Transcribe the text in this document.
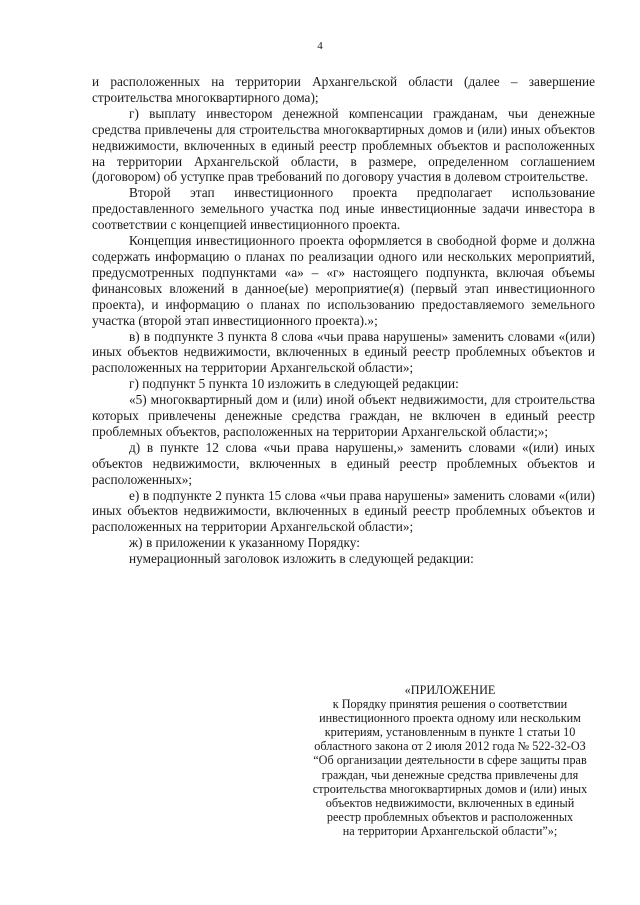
4

и расположенных на территории Архангельской области (далее – завершение строительства многоквартирного дома);

г) выплату инвестором денежной компенсации гражданам, чьи денежные средства привлечены для строительства многоквартирных домов и (или) иных объектов недвижимости, включенных в единый реестр проблемных объектов и расположенных на территории Архангельской области, в размере, определенном соглашением (договором) об уступке прав требований по договору участия в долевом строительстве.

Второй этап инвестиционного проекта предполагает использование предоставленного земельного участка под иные инвестиционные задачи инвестора в соответствии с концепцией инвестиционного проекта.

Концепция инвестиционного проекта оформляется в свободной форме и должна содержать информацию о планах по реализации одного или нескольких мероприятий, предусмотренных подпунктами «а» – «г» настоящего подпункта, включая объемы финансовых вложений в данное(ые) мероприятие(я) (первый этап инвестиционного проекта), и информацию о планах по использованию предоставляемого земельного участка (второй этап инвестиционного проекта).»;

в) в подпункте 3 пункта 8 слова «чьи права нарушены» заменить словами «(или) иных объектов недвижимости, включенных в единый реестр проблемных объектов и расположенных на территории Архангельской области»;

г) подпункт 5 пункта 10 изложить в следующей редакции:

«5) многоквартирный дом и (или) иной объект недвижимости, для строительства которых привлечены денежные средства граждан, не включен в единый реестр проблемных объектов, расположенных на территории Архангельской области;»;

д) в пункте 12 слова «чьи права нарушены,» заменить словами «(или) иных объектов недвижимости, включенных в единый реестр проблемных объектов и расположенных»;

е) в подпункте 2 пункта 15 слова «чьи права нарушены» заменить словами «(или) иных объектов недвижимости, включенных в единый реестр проблемных объектов и расположенных на территории Архангельской области»;

ж) в приложении к указанному Порядку:

нумерационный заголовок изложить в следующей редакции:

«ПРИЛОЖЕНИЕ
к Порядку принятия решения о соответствии
инвестиционного проекта одному или нескольким
критериям, установленным в пункте 1 статьи 10
областного закона от 2 июля 2012 года № 522-32-ОЗ
“Об организации деятельности в сфере защиты прав
граждан, чьи денежные средства привлечены для
строительства многоквартирных домов и (или) иных
объектов недвижимости, включенных в единый
реестр проблемных объектов и расположенных
на территории Архангельской области”»;
